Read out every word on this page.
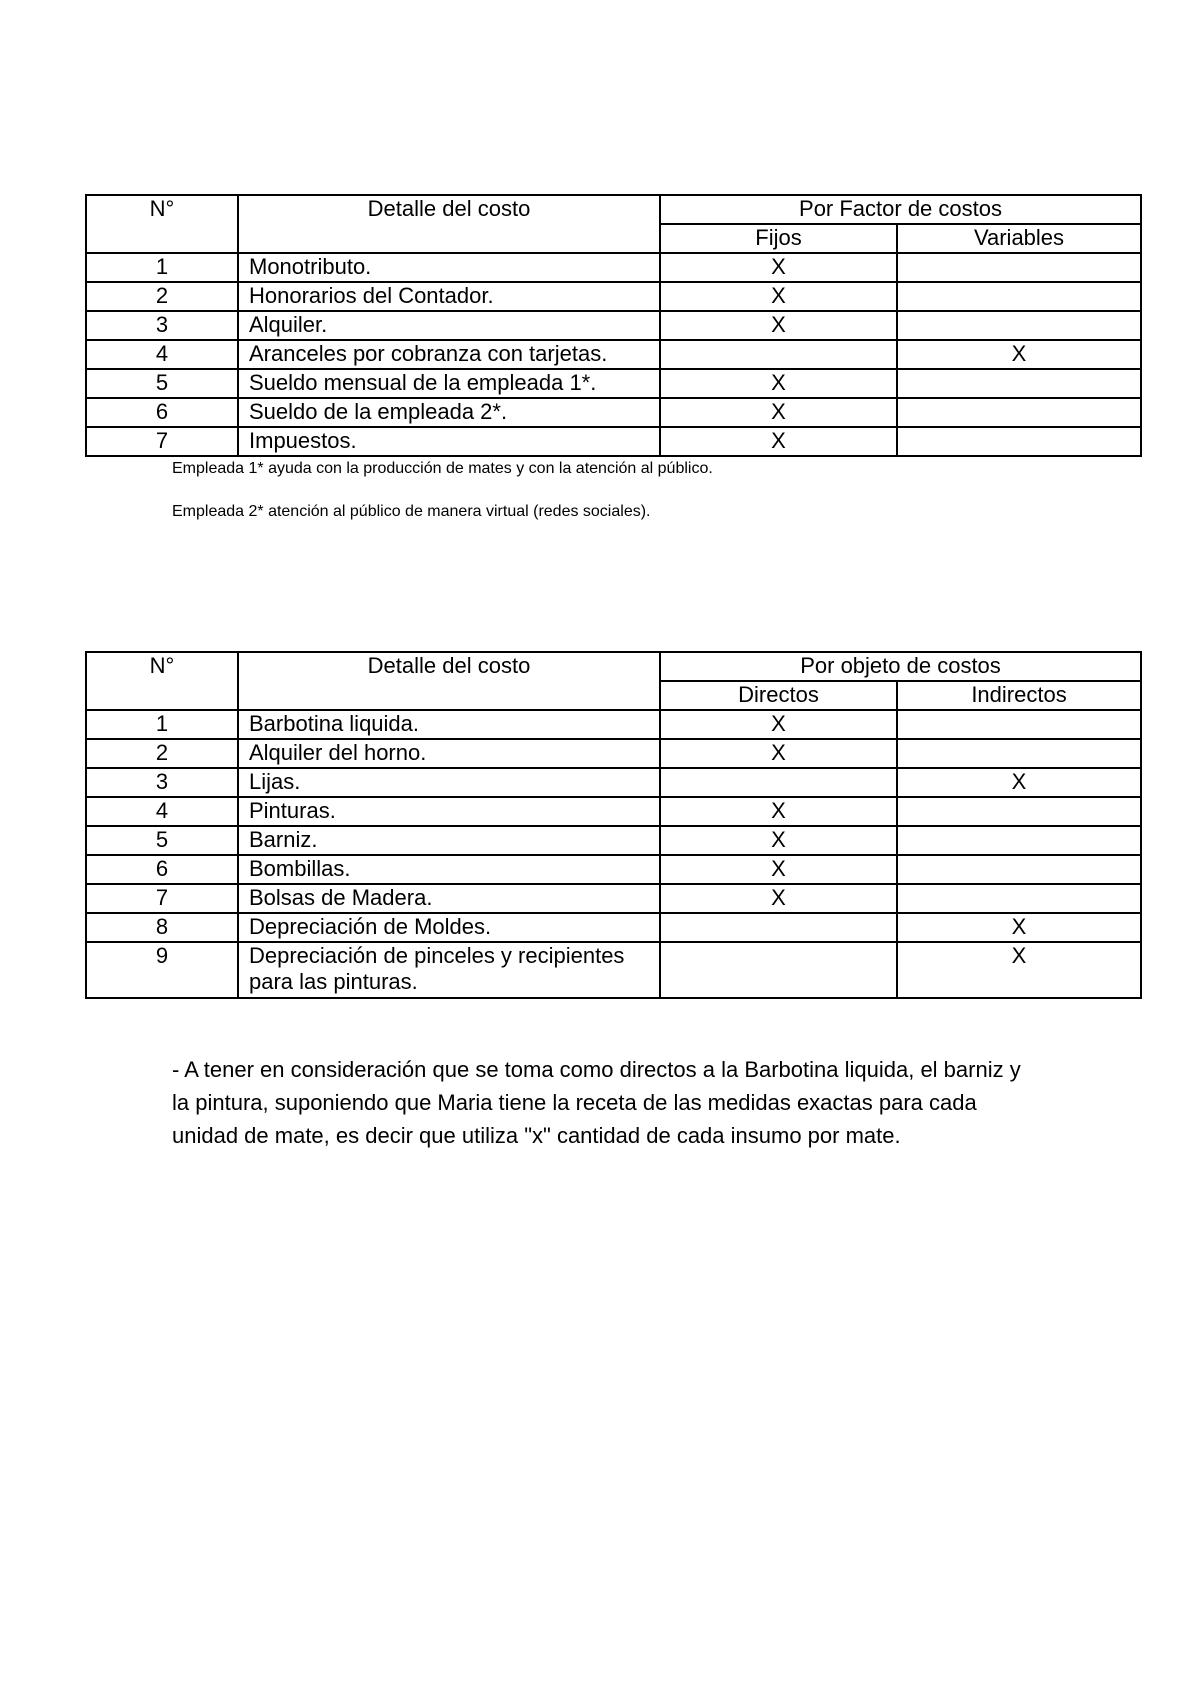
N°	Detalle del costo	Por Factor de costos	
		Fijos	Variables
1	Monotributo.	X	
2	Honorarios del Contador.	X	
3	Alquiler.	X	
4	Aranceles por cobranza con tarjetas.		X
5	Sueldo mensual de la empleada 1*.	X	
6	Sueldo de la empleada 2*.	X	
7	Impuestos.	X	
Empleada 1* ayuda con la producción de mates y con la atención al público.
Empleada 2* atención al público de manera virtual (redes sociales).
N°	Detalle del costo	Por objeto de costos	
		Directos	Indirectos
1	Barbotina liquida.	X	
2	Alquiler del horno.	X	
3	Lijas.		X
4	Pinturas.	X	
5	Barniz.	X	
6	Bombillas.	X	
7	Bolsas de Madera.	X	
8	Depreciación de Moldes.		X
9	Depreciación de pinceles y recipientes para las pinturas.		X

- A tener en consideración que se toma como directos a la Barbotina liquida, el barniz y la pintura, suponiendo que Maria tiene la receta de las medidas exactas para cada unidad de mate, es decir que utiliza "x" cantidad de cada insumo por mate.
